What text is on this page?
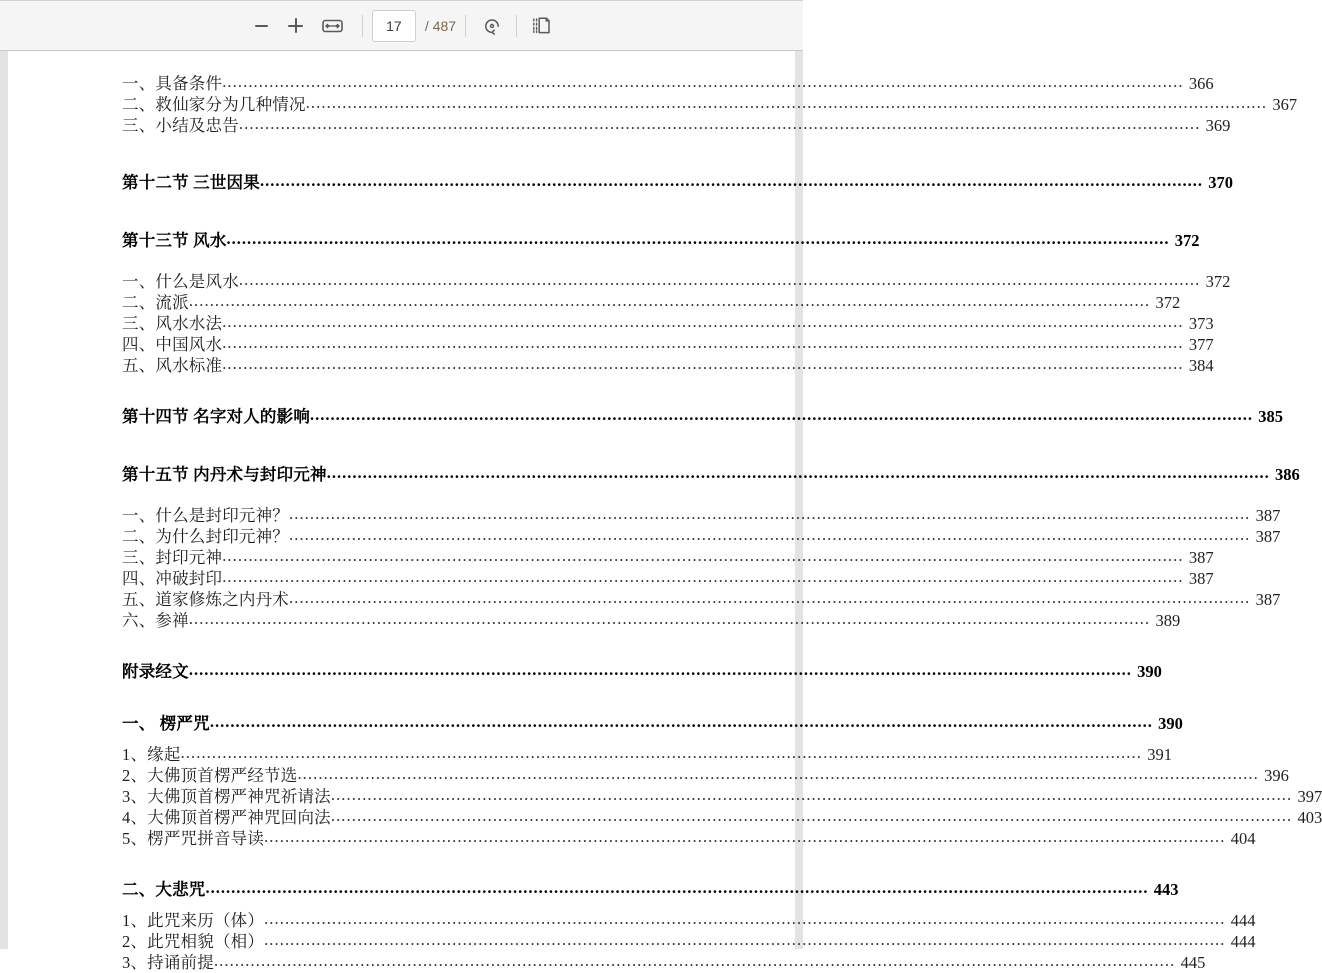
17 / 487
一、具备条件 .....	366
二、救仙家分为几种情况 .....	367
三、小结及忠告 .....	369
第十二节 三世因果 .....	370
第十三节 风水 .....	372
一、什么是风水 .....	372
二、流派 .....	372
三、风水水法 .....	373
四、中国风水 .....	377
五、风水标准 .....	384
第十四节 名字对人的影响 .....	385
第十五节 内丹术与封印元神 .....	386
一、什么是封印元神？ .....	387
二、为什么封印元神？ .....	387
三、封印元神 .....	387
四、冲破封印 .....	387
五、道家修炼之内丹术 .....	387
六、参禅 .....	389
附录经文 .....	390
一、 楞严咒 .....	390
1、缘起 .....	391
2、大佛顶首楞严经节选 .....	396
3、大佛顶首楞严神咒祈请法 .....	397
4、大佛顶首楞严神咒回向法 .....	403
5、楞严咒拼音导读 .....	404
二、大悲咒 .....	443
1、此咒来历（体） .....	444
2、此咒相貌（相） .....	444
3、持诵前提 .....	445
